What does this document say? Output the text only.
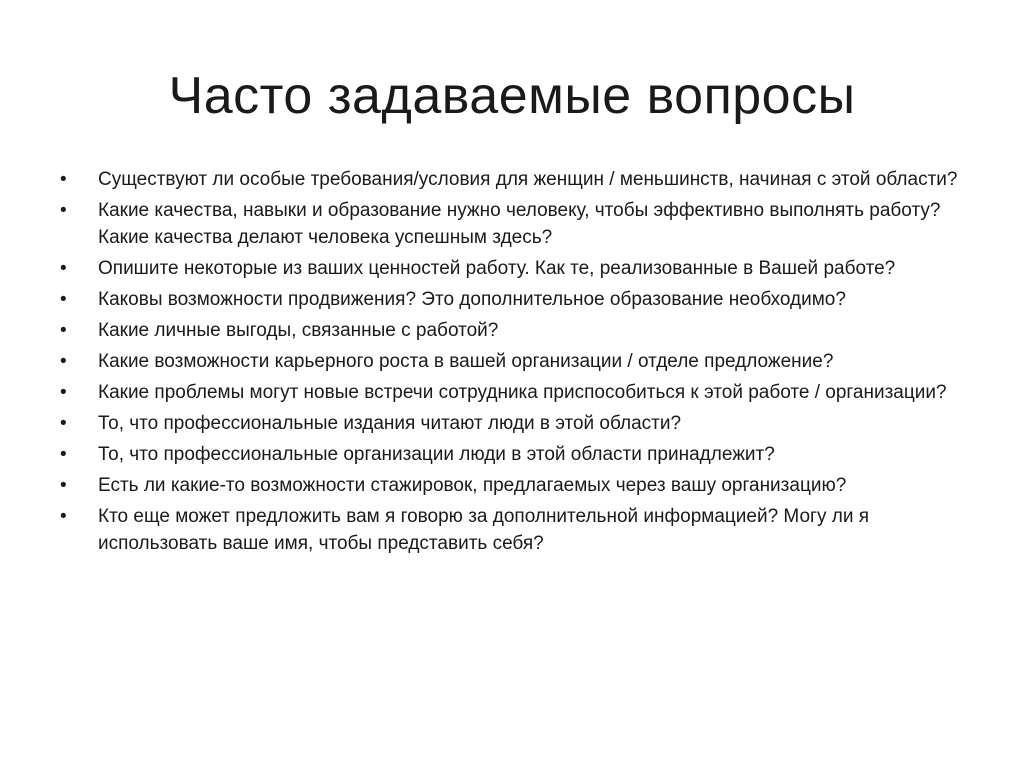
Часто задаваемые вопросы
• Существуют ли особые требования/условия для женщин / меньшинств, начиная с этой области?
• Какие качества, навыки и образование нужно человеку, чтобы эффективно выполнять работу? Какие качества делают человека успешным здесь?
• Опишите некоторые из ваших ценностей работу. Как те, реализованные в Вашей работе?
• Каковы возможности продвижения? Это дополнительное образование необходимо?
• Какие личные выгоды, связанные с работой?
• Какие возможности карьерного роста в вашей организации / отделе предложение?
• Какие проблемы могут новые встречи сотрудника приспособиться к этой работе / организации?
• То, что профессиональные издания читают люди в этой области?
• То, что профессиональные организации люди в этой области принадлежит?
• Есть ли какие-то возможности стажировок, предлагаемых через вашу организацию?
• Кто еще может предложить вам я говорю за дополнительной информацией? Могу ли я использовать ваше имя, чтобы представить себя?
